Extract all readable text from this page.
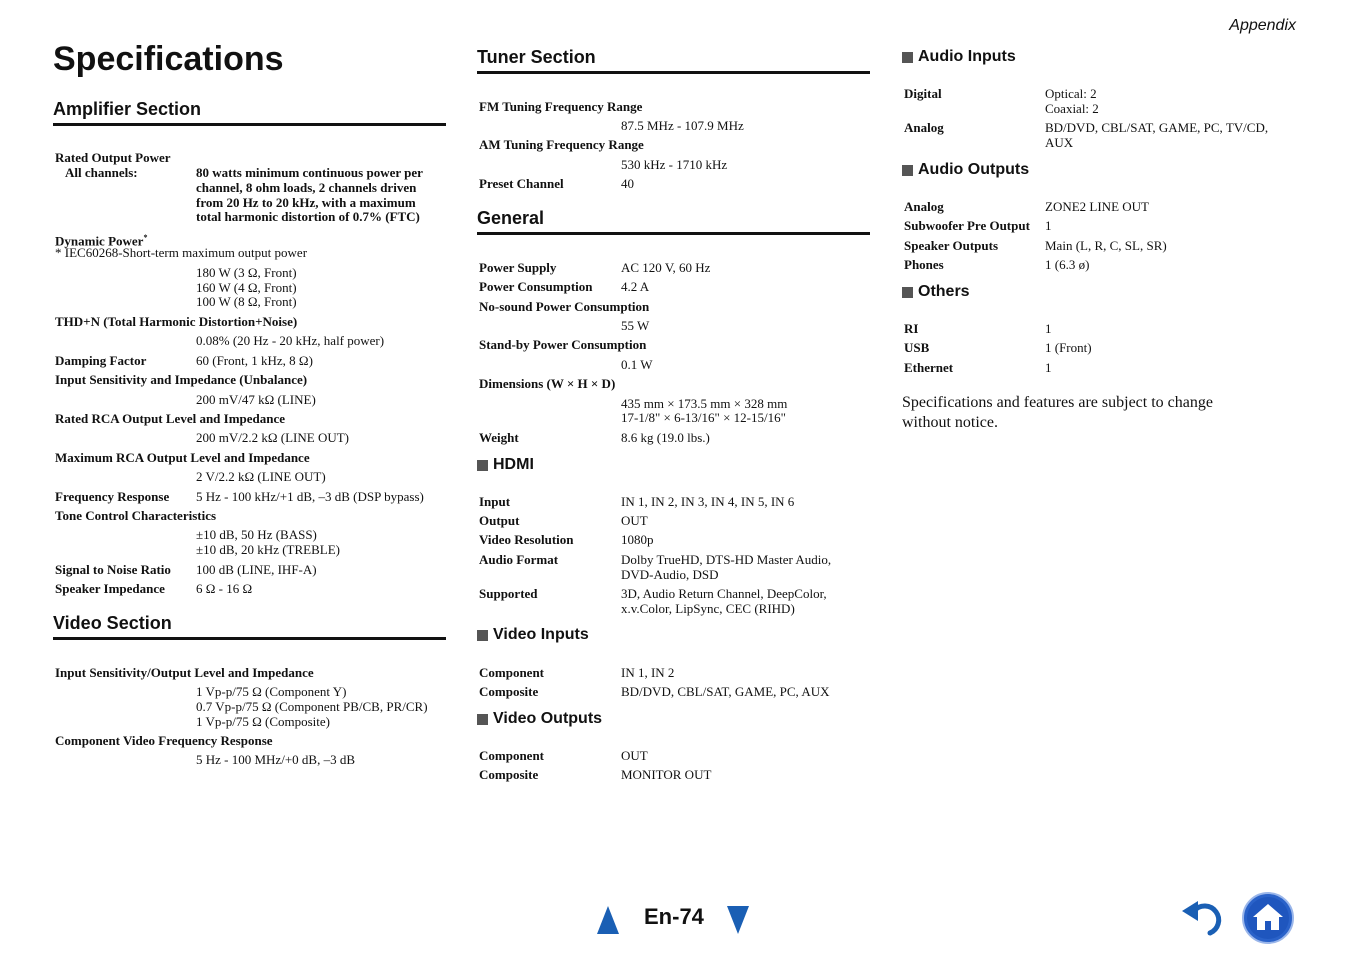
Appendix
Specifications
Amplifier Section
Rated Output Power
All channels:	80 watts minimum continuous power per
channel, 8 ohm loads, 2 channels driven
from 20 Hz to 20 kHz, with a maximum
total harmonic distortion of 0.7% (FTC)
Dynamic Power*
* IEC60268-Short-term maximum output power
180 W (3 Ω, Front)
160 W (4 Ω, Front)
100 W (8 Ω, Front)
THD+N (Total Harmonic Distortion+Noise)
0.08% (20 Hz - 20 kHz, half power)
Damping Factor	60 (Front, 1 kHz, 8 Ω)
Input Sensitivity and Impedance (Unbalance)
200 mV/47 kΩ (LINE)
Rated RCA Output Level and Impedance
200 mV/2.2 kΩ (LINE OUT)
Maximum RCA Output Level and Impedance
2 V/2.2 kΩ (LINE OUT)
Frequency Response 5 Hz - 100 kHz/+1 dB, –3 dB (DSP bypass)
Tone Control Characteristics
±10 dB, 50 Hz (BASS)
±10 dB, 20 kHz (TREBLE)
Signal to Noise Ratio 100 dB (LINE, IHF-A)
Speaker Impedance 6 Ω - 16 Ω
Video Section
Input Sensitivity/Output Level and Impedance
1 Vp-p/75 Ω (Component Y)
0.7 Vp-p/75 Ω (Component PB/CB, PR/CR)
1 Vp-p/75 Ω (Composite)
Component Video Frequency Response
5 Hz - 100 MHz/+0 dB, –3 dB
Tuner Section
FM Tuning Frequency Range
87.5 MHz - 107.9 MHz
AM Tuning Frequency Range
530 kHz - 1710 kHz
Preset Channel	40
General
Power Supply	AC 120 V, 60 Hz
Power Consumption 4.2 A
No-sound Power Consumption
55 W
Stand-by Power Consumption
0.1 W
Dimensions (W × H × D)
435 mm × 173.5 mm × 328 mm
17-1/8" × 6-13/16" × 12-15/16"
Weight	8.6 kg (19.0 lbs.)
HDMI
Input	IN 1, IN 2, IN 3, IN 4, IN 5, IN 6
Output	OUT
Video Resolution	1080p
Audio Format	Dolby TrueHD, DTS-HD Master Audio,
DVD-Audio, DSD
Supported	3D, Audio Return Channel, DeepColor,
x.v.Color, LipSync, CEC (RIHD)
Video Inputs
Component	IN 1, IN 2
Composite	BD/DVD, CBL/SAT, GAME, PC, AUX
Video Outputs
Component	OUT
Composite	MONITOR OUT
Audio Inputs
Digital	Optical: 2
Coaxial: 2
Analog	BD/DVD, CBL/SAT, GAME, PC, TV/CD,
AUX
Audio Outputs
Analog	ZONE2 LINE OUT
Subwoofer Pre Output 1
Speaker Outputs	Main (L, R, C, SL, SR)
Phones	1 (6.3 ø)
Others
RI	1
USB	1 (Front)
Ethernet	1
Specifications and features are subject to change
without notice.
En-74
